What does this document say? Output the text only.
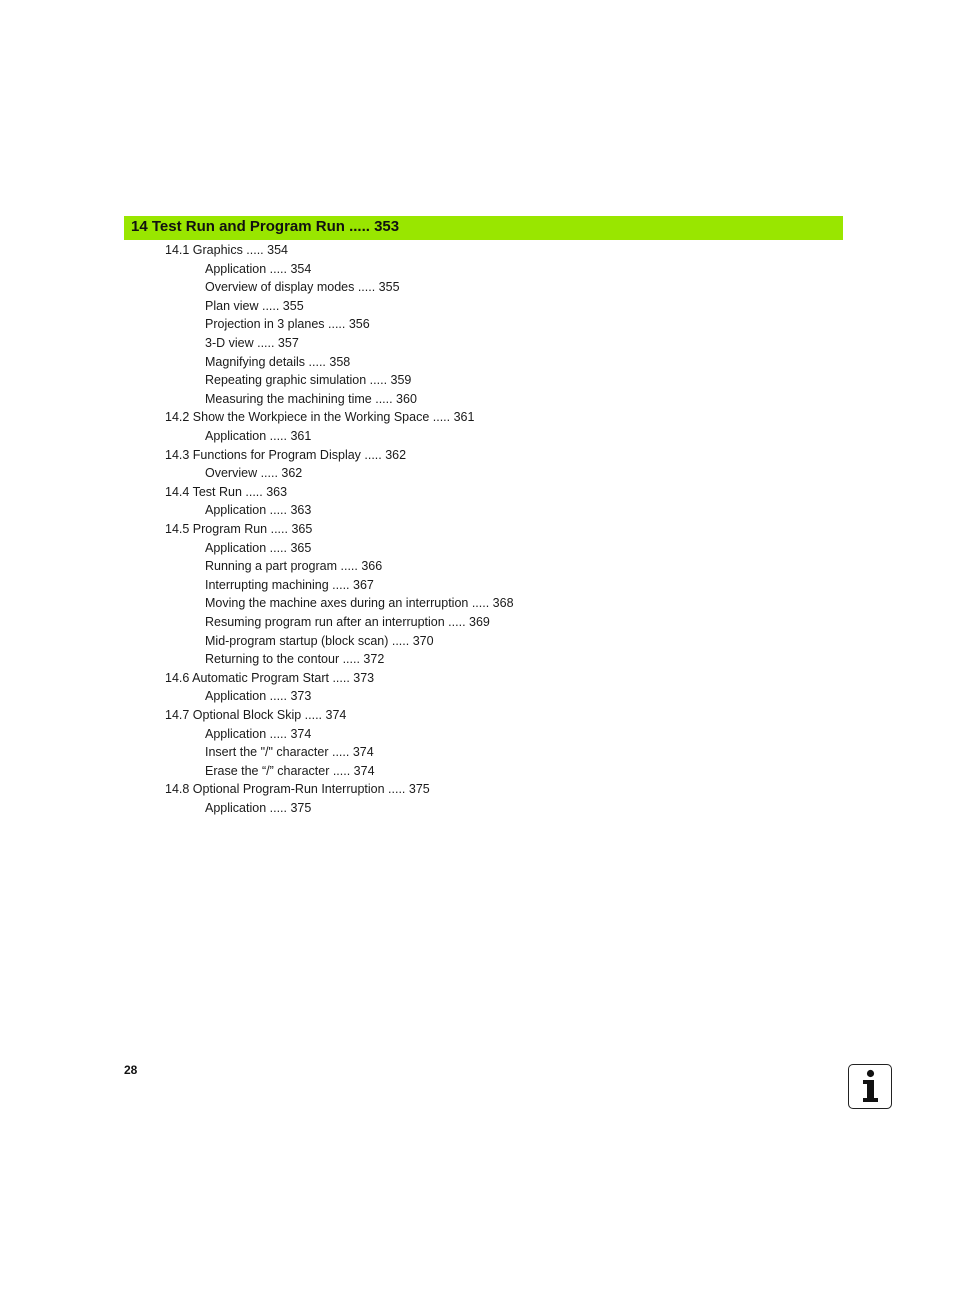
14 Test Run and Program Run ..... 353
14.1 Graphics ..... 354
Application ..... 354
Overview of display modes ..... 355
Plan view ..... 355
Projection in 3 planes ..... 356
3-D view ..... 357
Magnifying details ..... 358
Repeating graphic simulation ..... 359
Measuring the machining time ..... 360
14.2 Show the Workpiece in the Working Space ..... 361
Application ..... 361
14.3 Functions for Program Display ..... 362
Overview ..... 362
14.4 Test Run ..... 363
Application ..... 363
14.5 Program Run ..... 365
Application ..... 365
Running a part program ..... 366
Interrupting machining ..... 367
Moving the machine axes during an interruption ..... 368
Resuming program run after an interruption ..... 369
Mid-program startup (block scan) ..... 370
Returning to the contour ..... 372
14.6 Automatic Program Start ..... 373
Application ..... 373
14.7 Optional Block Skip ..... 374
Application ..... 374
Insert the "/" character ..... 374
Erase the “/” character ..... 374
14.8 Optional Program-Run Interruption ..... 375
Application ..... 375
28
